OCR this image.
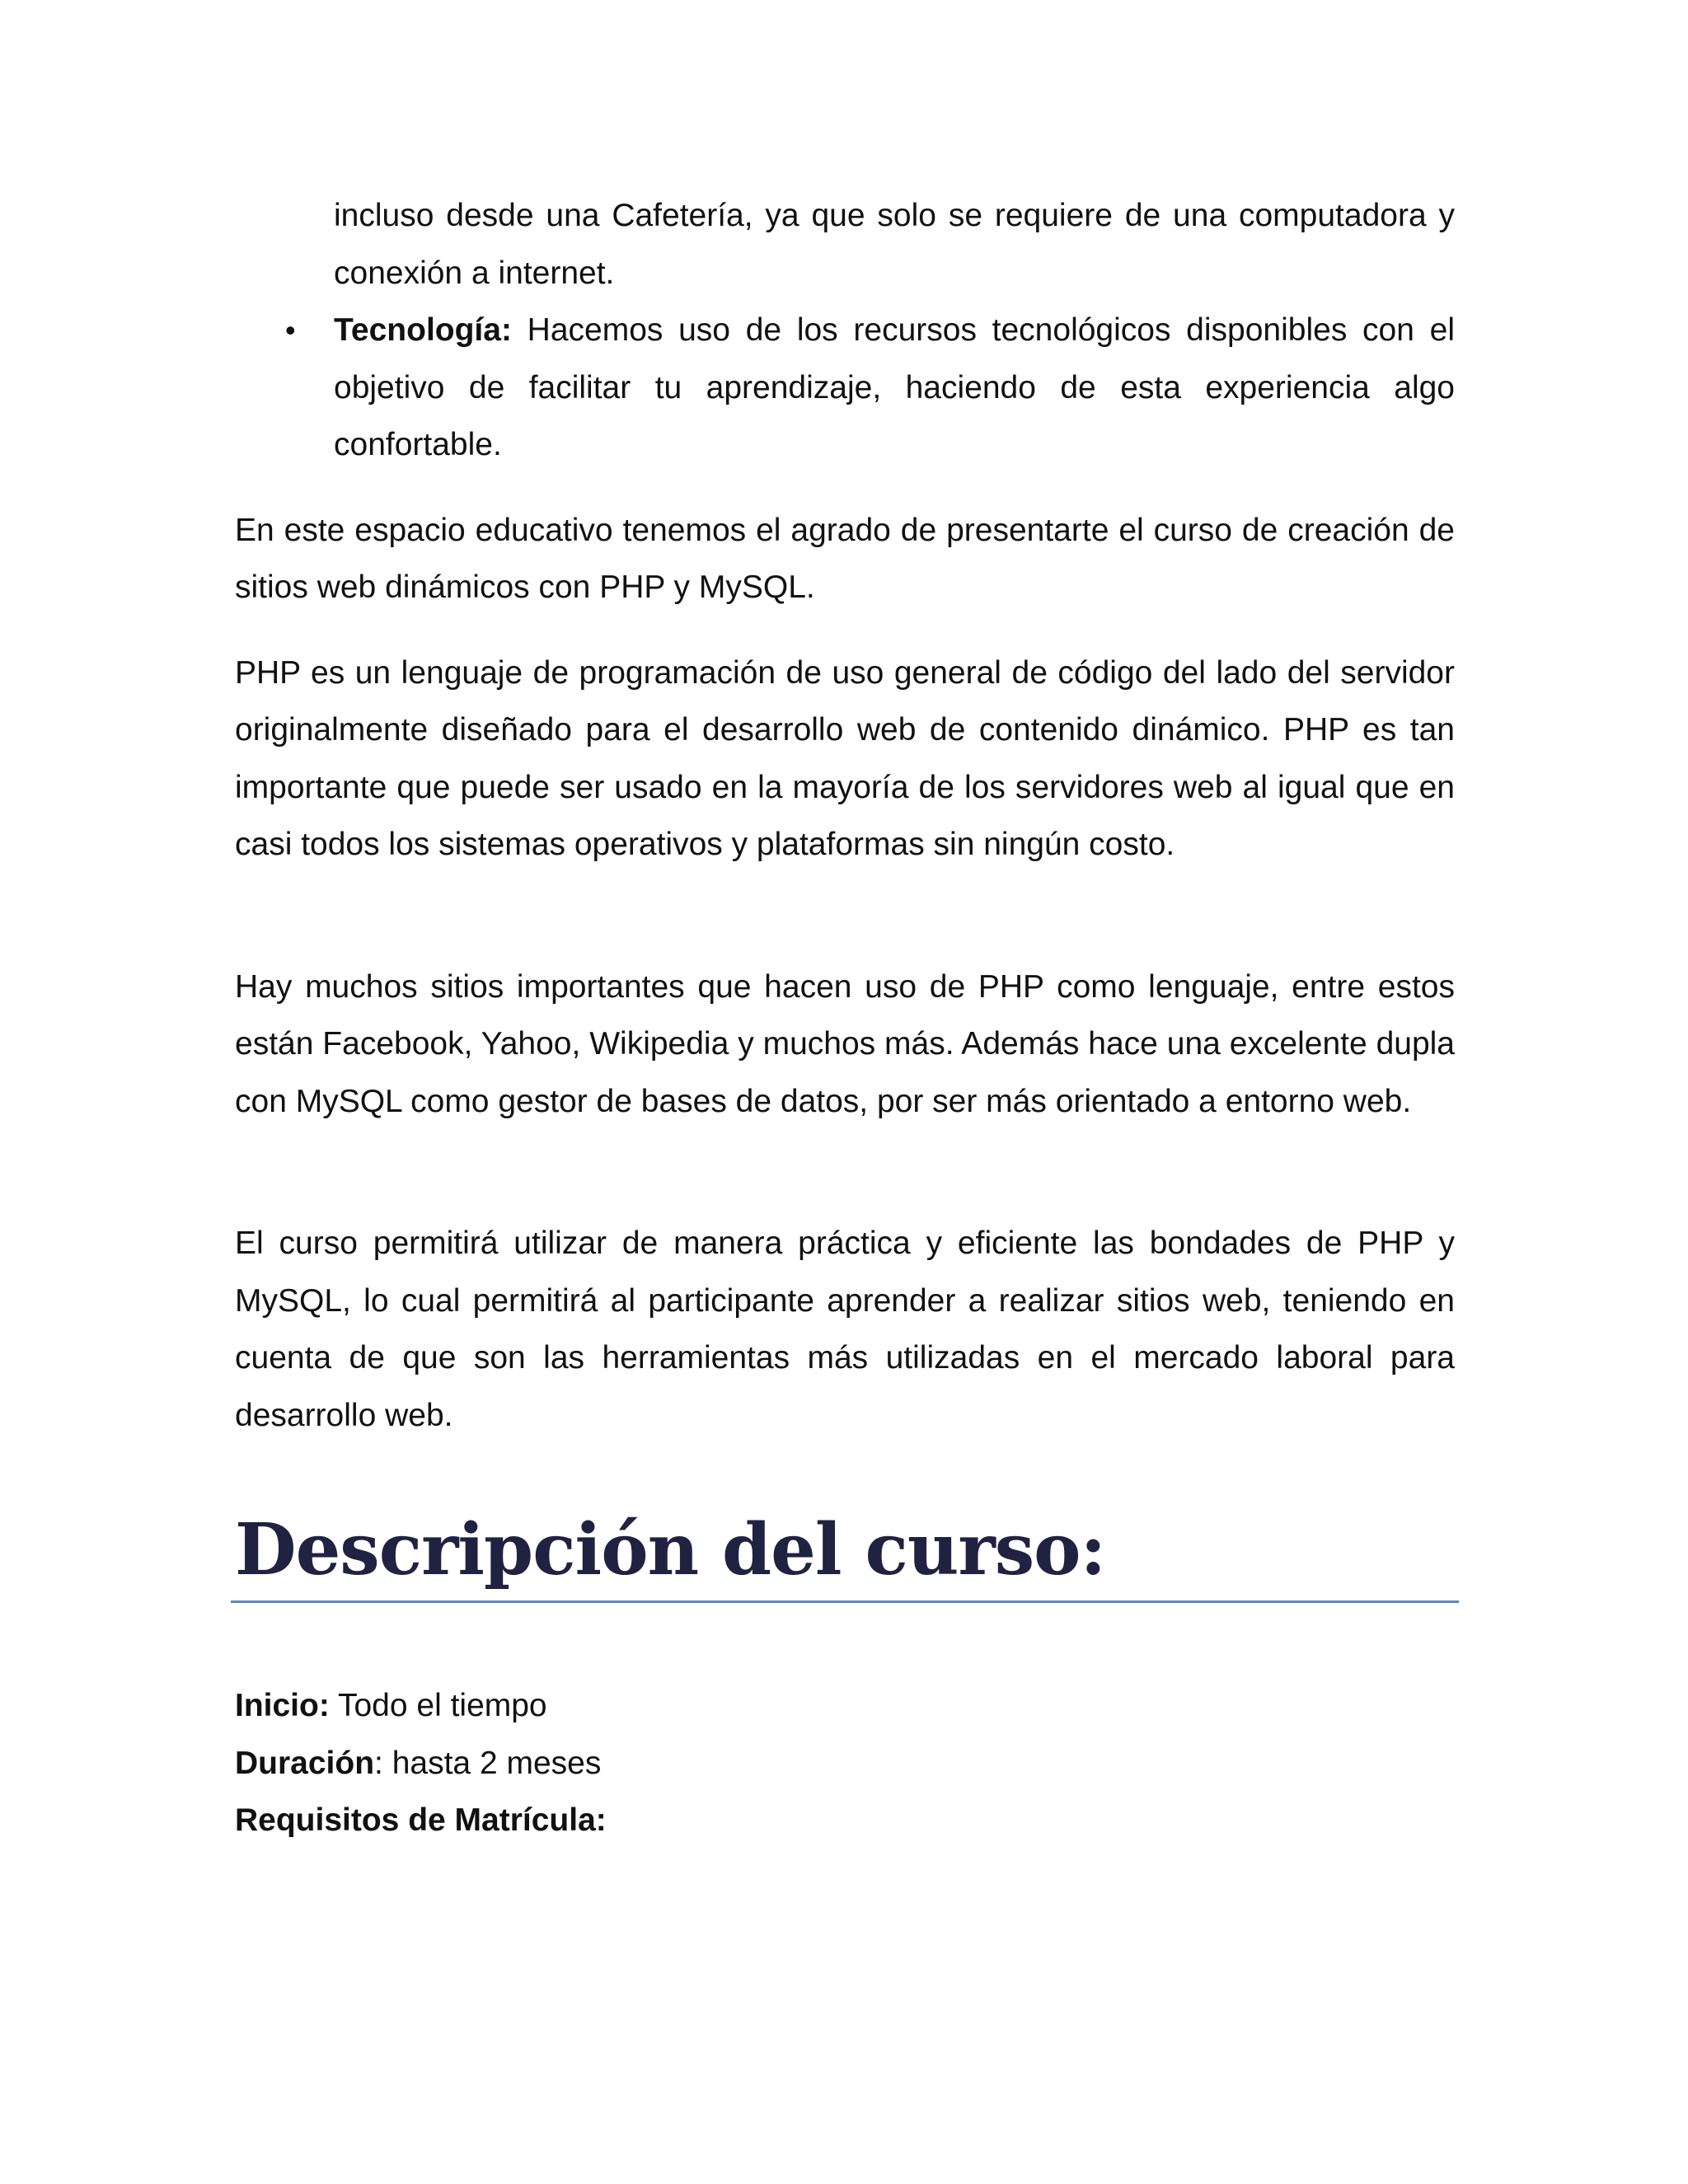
incluso desde una Cafetería, ya que solo se requiere de una computadora y conexión a internet.

• Tecnología: Hacemos uso de los recursos tecnológicos disponibles con el objetivo de facilitar tu aprendizaje, haciendo de esta experiencia algo confortable.

En este espacio educativo tenemos el agrado de presentarte el curso de creación de sitios web dinámicos con PHP y MySQL.

PHP es un lenguaje de programación de uso general de código del lado del servidor originalmente diseñado para el desarrollo web de contenido dinámico. PHP es tan importante que puede ser usado en la mayoría de los servidores web al igual que en casi todos los sistemas operativos y plataformas sin ningún costo.

Hay muchos sitios importantes que hacen uso de PHP como lenguaje, entre estos están Facebook, Yahoo, Wikipedia y muchos más. Además hace una excelente dupla con MySQL como gestor de bases de datos, por ser más orientado a entorno web.

El curso permitirá utilizar de manera práctica y eficiente las bondades de PHP y MySQL, lo cual permitirá al participante aprender a realizar sitios web, teniendo en cuenta de que son las herramientas más utilizadas en el mercado laboral para desarrollo web.

Descripción del curso:

Inicio: Todo el tiempo

Duración: hasta 2 meses

Requisitos de Matrícula:
